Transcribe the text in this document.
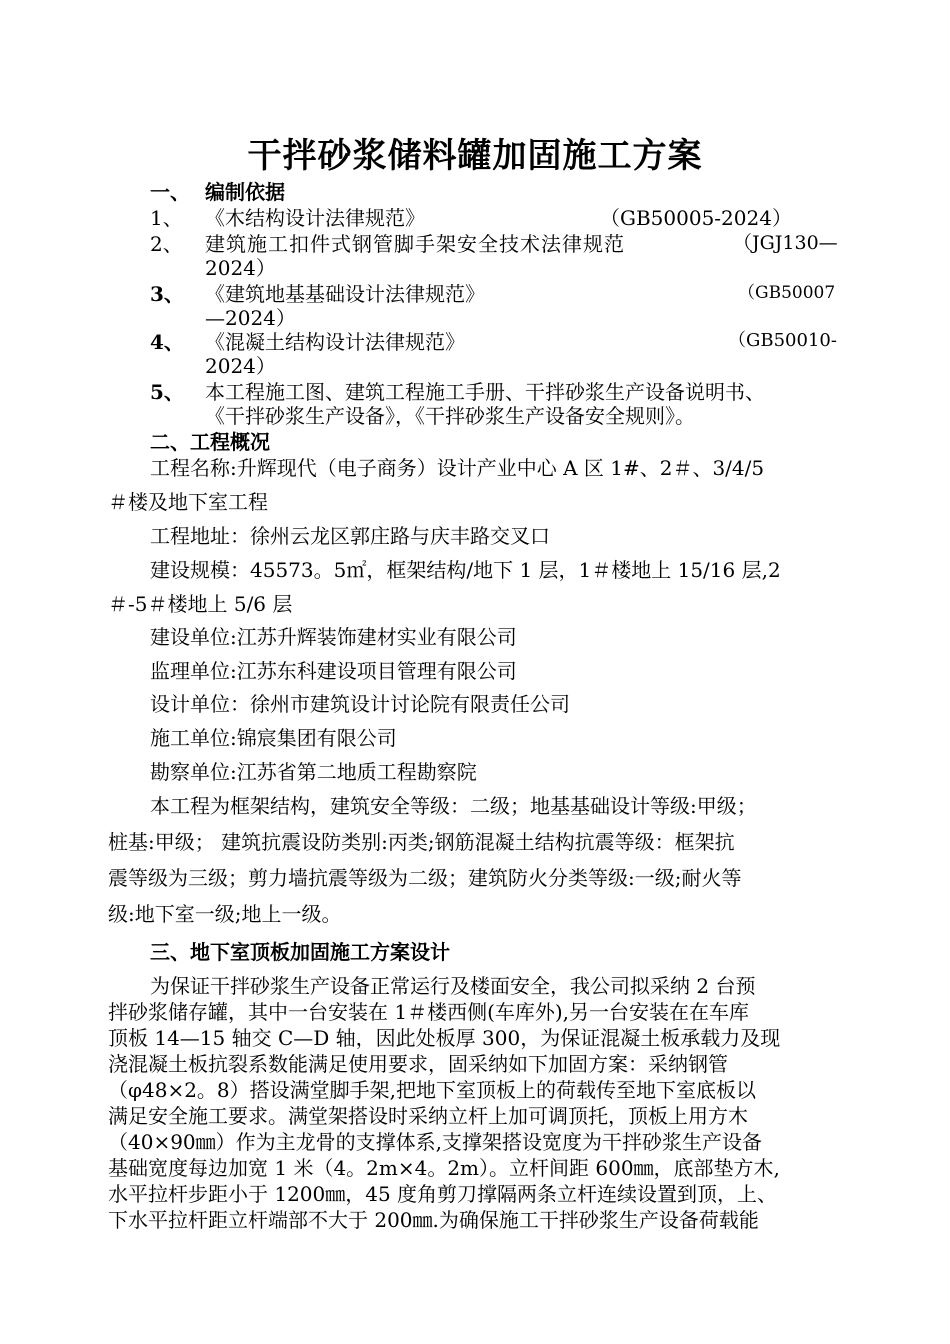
干拌砂浆储料罐加固施工方案
一、 编制依据
1、 《木结构设计法律规范》	（GB50005-2024）
2、 建筑施工扣件式钢管脚手架安全技术法律规范	（JGJ130—
2024）
3、 《建筑地基基础设计法律规范》	（GB50007
—2024）
4、 《混凝土结构设计法律规范》	（GB50010-
2024）
5、 本工程施工图、建筑工程施工手册、干拌砂浆生产设备说明书、
《干拌砂浆生产设备》，《干拌砂浆生产设备安全规则》。
二、工程概况
工程名称:升辉现代（电子商务）设计产业中心 A 区 1#、2＃、3/4/5
＃楼及地下室工程
工程地址：徐州云龙区郭庄路与庆丰路交叉口
建设规模：45573。5㎡，框架结构/地下 1 层，1＃楼地上 15/16 层,2
＃-5＃楼地上 5/6 层
建设单位:江苏升辉装饰建材实业有限公司
监理单位:江苏东科建设项目管理有限公司
设计单位：徐州市建筑设计讨论院有限责任公司
施工单位:锦宸集团有限公司
勘察单位:江苏省第二地质工程勘察院
本工程为框架结构，建筑安全等级：二级；地基基础设计等级:甲级；
桩基:甲级； 建筑抗震设防类别:丙类;钢筋混凝土结构抗震等级：框架抗
震等级为三级；剪力墙抗震等级为二级；建筑防火分类等级:一级;耐火等
级:地下室一级;地上一级。
三、地下室顶板加固施工方案设计
为保证干拌砂浆生产设备正常运行及楼面安全，我公司拟采纳 2 台预
拌砂浆储存罐，其中一台安装在 1＃楼西侧(车库外),另一台安装在在车库
顶板 14—15 轴交 C—D 轴，因此处板厚 300，为保证混凝土板承载力及现
浇混凝土板抗裂系数能满足使用要求，固采纳如下加固方案：采纳钢管
（φ48×2。8）搭设满堂脚手架,把地下室顶板上的荷载传至地下室底板以
满足安全施工要求。满堂架搭设时采纳立杆上加可调顶托，顶板上用方木
（40×90㎜）作为主龙骨的支撑体系,支撑架搭设宽度为干拌砂浆生产设备
基础宽度每边加宽 1 米（4。2m×4。2m）。立杆间距 600㎜，底部垫方木,
水平拉杆步距小于 1200㎜，45 度角剪刀撑隔两条立杆连续设置到顶，上、
下水平拉杆距立杆端部不大于 200㎜.为确保施工干拌砂浆生产设备荷载能
